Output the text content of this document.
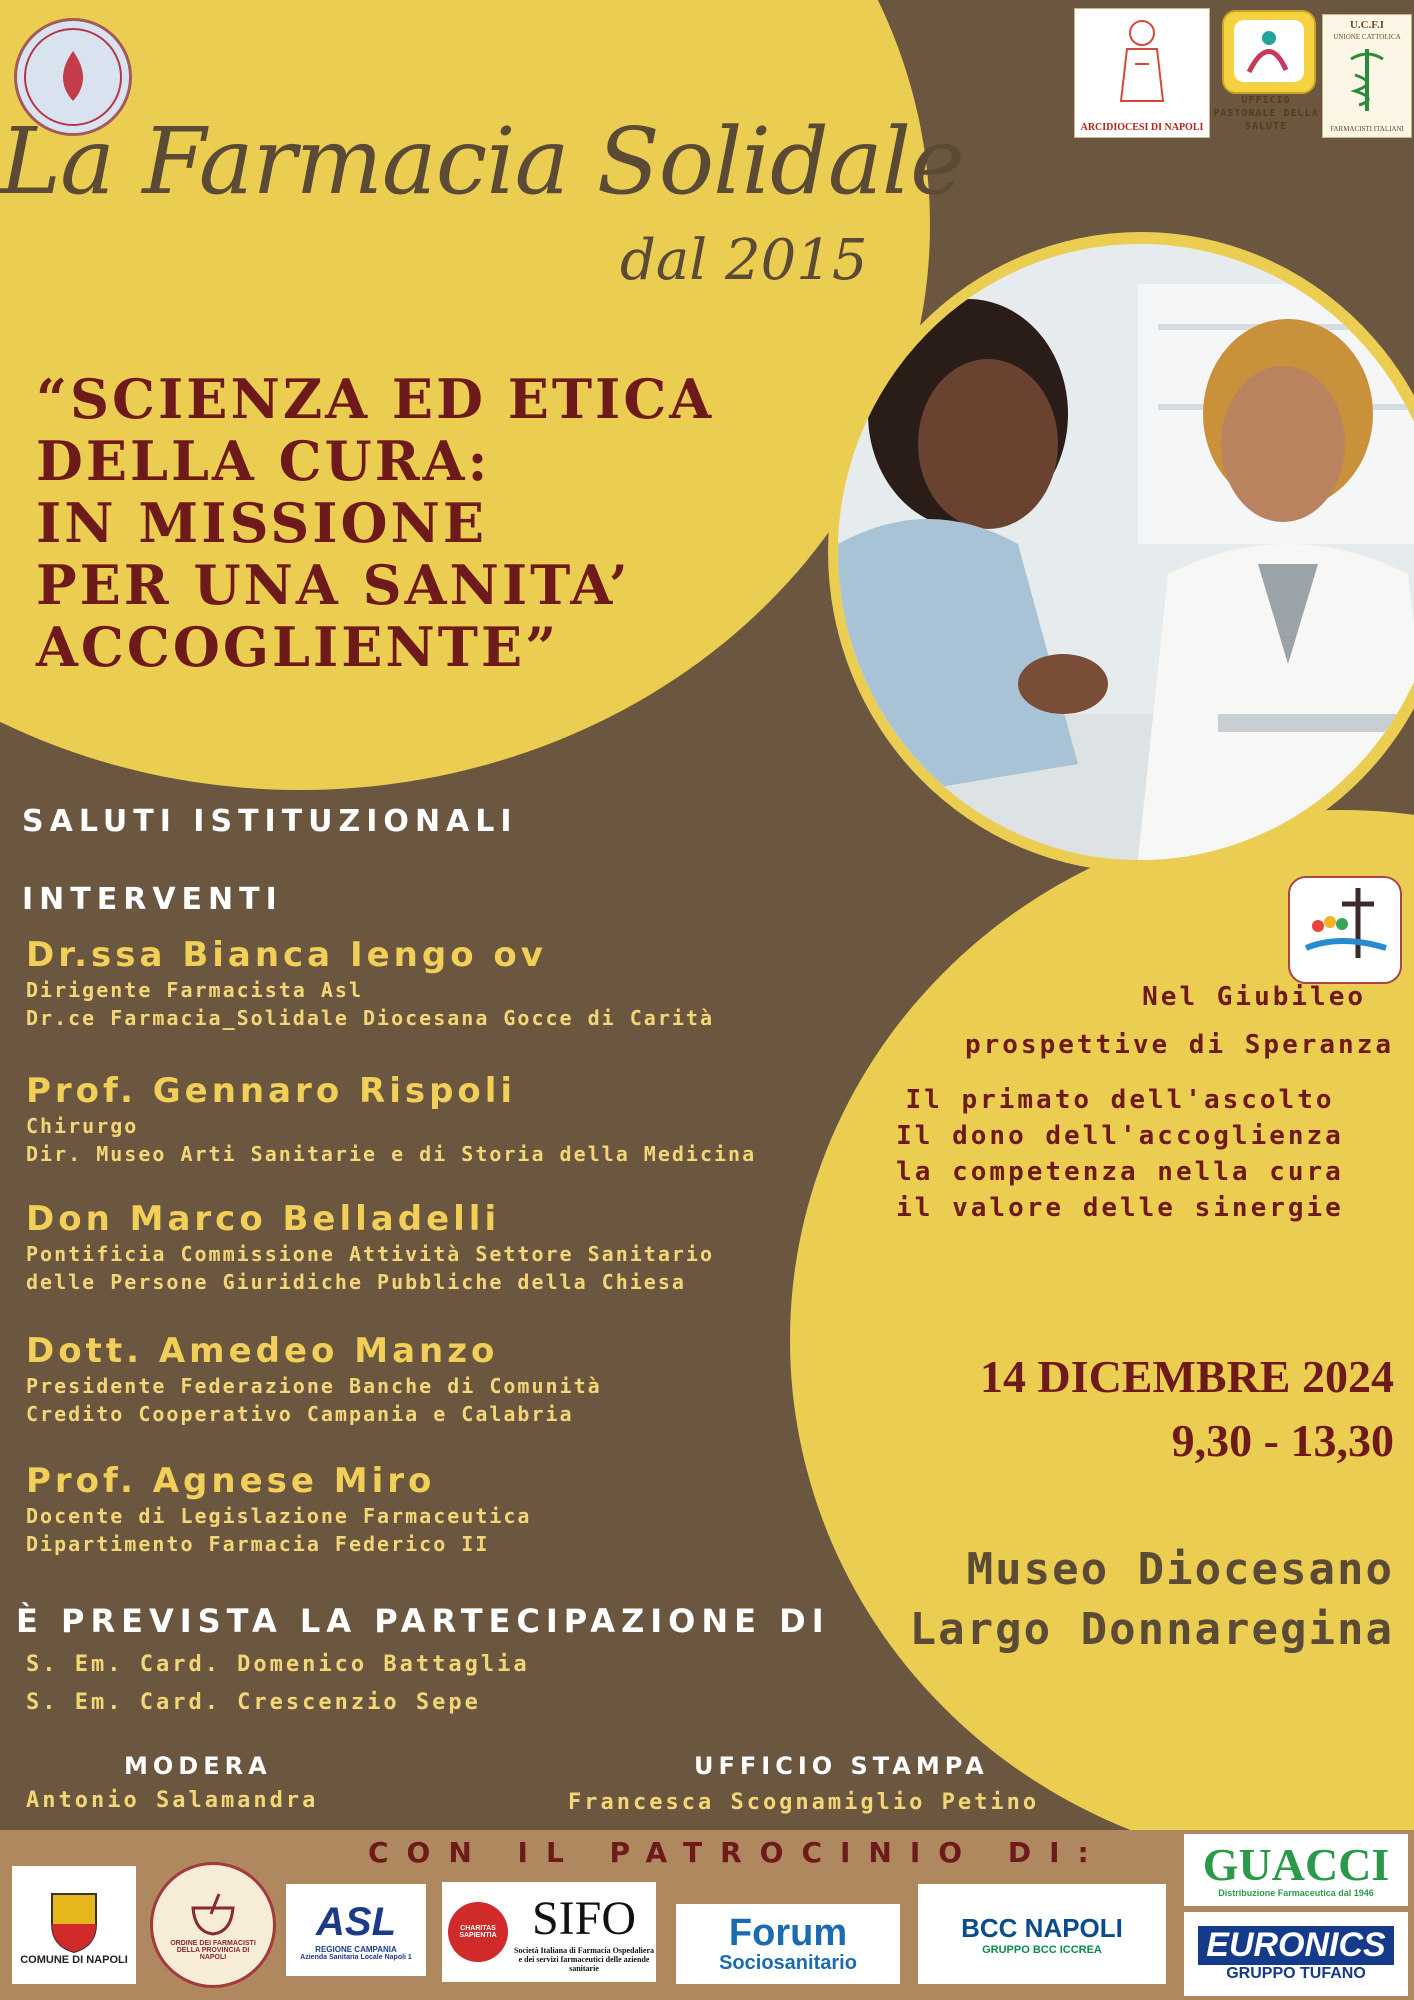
La Farmacia Solidale
dal 2015
ARCIDIOCESI DI NAPOLI
UFFICIO PASTORALE DELLA SALUTE
U.C.F.I
UNIONE CATTOLICA
FARMACISTI ITALIANI
“SCIENZA ED ETICA
DELLA CURA:
IN MISSIONE
PER UNA SANITA’
ACCOGLIENTE”
SALUTI ISTITUZIONALI
INTERVENTI
Dr.ssa Bianca Iengo ov
Dirigente Farmacista Asl
Dr.ce Farmacia_Solidale Diocesana Gocce di Carità
Prof. Gennaro Rispoli
Chirurgo
Dir. Museo Arti Sanitarie e di Storia della Medicina
Don Marco Belladelli
Pontificia Commissione Attività Settore Sanitario
delle Persone Giuridiche Pubbliche della Chiesa
Dott. Amedeo Manzo
Presidente Federazione Banche di Comunità
Credito Cooperativo Campania e Calabria
Prof. Agnese Miro
Docente di Legislazione Farmaceutica
Dipartimento Farmacia Federico II
È PREVISTA LA PARTECIPAZIONE DI
S. Em. Card. Domenico Battaglia
S. Em. Card. Crescenzio Sepe
MODERA
Antonio Salamandra
UFFICIO STAMPA
Francesca Scognamiglio Petino
Nel Giubileo
prospettive di Speranza
Il primato dell'ascolto
Il dono dell'accoglienza
la competenza nella cura
il valore delle sinergie
14 DICEMBRE 2024
9,30 - 13,30
Museo Diocesano
Largo Donnaregina
CON IL PATROCINIO DI:
COMUNE DI NAPOLI
ORDINE DEI FARMACISTI DELLA PROVINCIA DI NAPOLI
ASL
REGIONE CAMPANIA
Azienda Sanitaria Locale Napoli 1
CHARITAS SAPIENTIA SIFO
Società Italiana di Farmacia Ospedaliera e dei servizi farmaceutici delle aziende sanitarie
Forum
Sociosanitario
BCC NAPOLI
GRUPPO BCC ICCREA
GUACCI
Distribuzione Farmaceutica dal 1946
EURONICS
GRUPPO TUFANO
